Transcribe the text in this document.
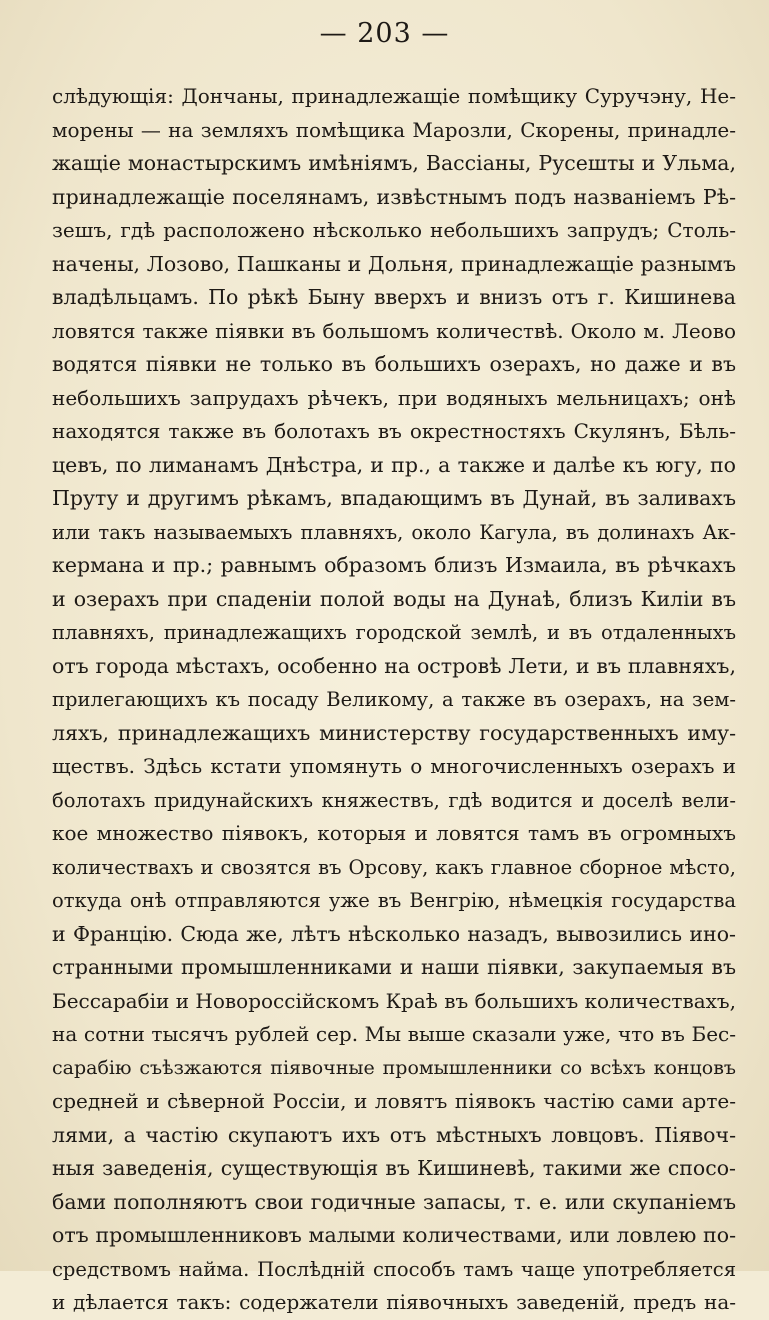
— 203 —
слѣдующія: Дончаны, принадлежащіе помѣщику Суручэну, Не-
морены — на земляхъ помѣщика Марозли, Скорены, принадле-
жащіе монастырскимъ имѣніямъ, Вассіаны, Русешты и Ульма,
принадлежащіе поселянамъ, извѣстнымъ подъ названіемъ Рѣ-
зешъ, гдѣ расположено нѣсколько небольшихъ запрудъ; Столь-
начены, Лозово, Пашканы и Дольня, принадлежащіе разнымъ
владѣльцамъ. По рѣкѣ Быну вверхъ и внизъ отъ г. Кишинева
ловятся также піявки въ большомъ количествѣ. Около м. Леово
водятся піявки не только въ большихъ озерахъ, но даже и въ
небольшихъ запрудахъ рѣчекъ, при водяныхъ мельницахъ; онѣ
находятся также въ болотахъ въ окрестностяхъ Скулянъ, Бѣль-
цевъ, по лиманамъ Днѣстра, и пр., а также и далѣе къ югу, по
Пруту и другимъ рѣкамъ, впадающимъ въ Дунай, въ заливахъ
или такъ называемыхъ плавняхъ, около Кагула, въ долинахъ Ак-
кермана и пр.; равнымъ образомъ близъ Измаила, въ рѣчкахъ
и озерахъ при спаденіи полой воды на Дунаѣ, близъ Киліи въ
плавняхъ, принадлежащихъ городской землѣ, и въ отдаленныхъ
отъ города мѣстахъ, особенно на островѣ Лети, и въ плавняхъ,
прилегающихъ къ посаду Великому, а также въ озерахъ, на зем-
ляхъ, принадлежащихъ министерству государственныхъ иму-
ществъ. Здѣсь кстати упомянуть о многочисленныхъ озерахъ и
болотахъ придунайскихъ княжествъ, гдѣ водится и доселѣ вели-
кое множество піявокъ, которыя и ловятся тамъ въ огромныхъ
количествахъ и свозятся въ Орсову, какъ главное сборное мѣсто,
откуда онѣ отправляются уже въ Венгрію, нѣмецкія государства
и Францію. Сюда же, лѣтъ нѣсколько назадъ, вывозились ино-
странными промышленниками и наши піявки, закупаемыя въ
Бессарабіи и Новороссійскомъ Краѣ въ большихъ количествахъ,
на сотни тысячъ рублей сер. Мы выше сказали уже, что въ Бес-
сарабію съѣзжаются піявочные промышленники со всѣхъ концовъ
средней и сѣверной Россіи, и ловятъ піявокъ частію сами арте-
лями, а частію скупаютъ ихъ отъ мѣстныхъ ловцовъ. Піявоч-
ныя заведенія, существующія въ Кишиневѣ, такими же спосо-
бами пополняютъ свои годичные запасы, т. е. или скупаніемъ
отъ промышленниковъ малыми количествами, или ловлею по-
средствомъ найма. Послѣдній способъ тамъ чаще употребляется
и дѣлается такъ: содержатели піявочныхъ заведеній, предъ на-
